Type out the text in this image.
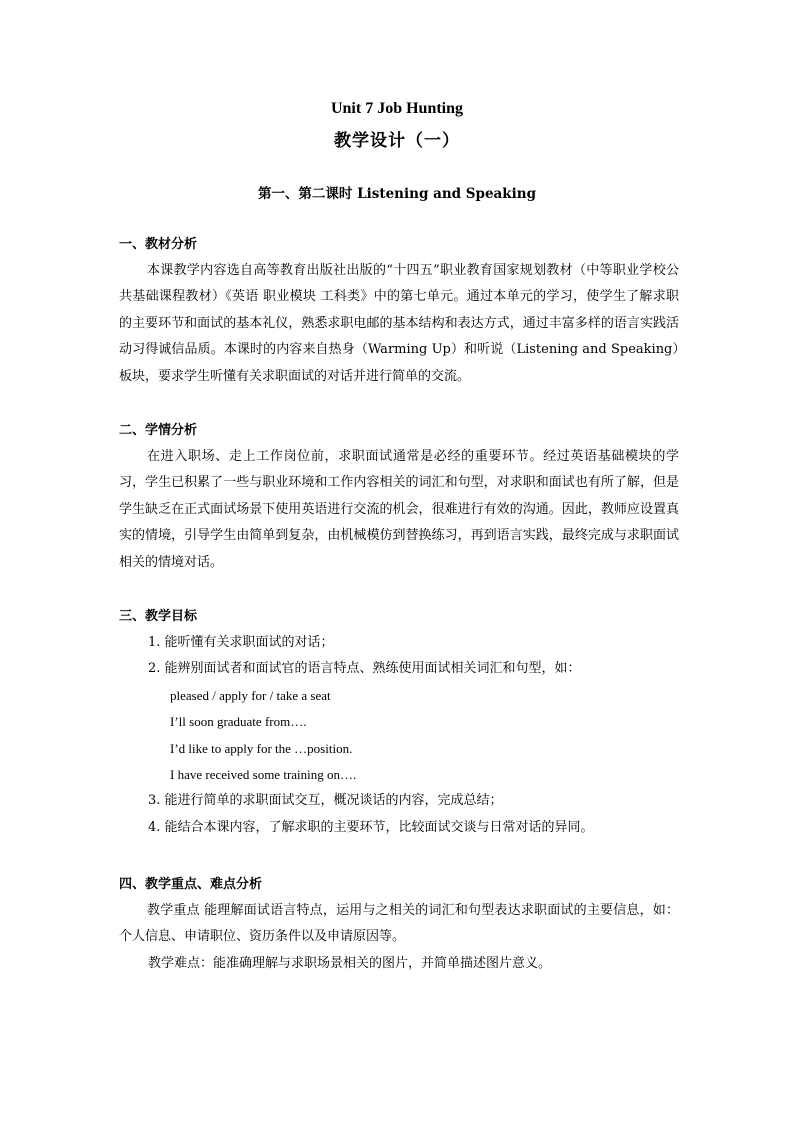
Unit 7 Job Hunting
教学设计（一）
第一、第二课时 Listening and Speaking
一、教材分析

本课教学内容选自高等教育出版社出版的“十四五”职业教育国家规划教材（中等职业学校公共基础课程教材）《英语 职业模块 工科类》中的第七单元。通过本单元的学习，使学生了解求职的主要环节和面试的基本礼仪，熟悉求职电邮的基本结构和表达方式，通过丰富多样的语言实践活动习得诚信品质。本课时的内容来自热身（Warming Up）和听说（Listening and Speaking）板块，要求学生听懂有关求职面试的对话并进行简单的交流。

二、学情分析

在进入职场、走上工作岗位前，求职面试通常是必经的重要环节。经过英语基础模块的学习，学生已积累了一些与职业环境和工作内容相关的词汇和句型，对求职和面试也有所了解，但是学生缺乏在正式面试场景下使用英语进行交流的机会，很难进行有效的沟通。因此，教师应设置真实的情境，引导学生由简单到复杂，由机械模仿到替换练习，再到语言实践，最终完成与求职面试相关的情境对话。

三、教学目标
1. 能听懂有关求职面试的对话；
2. 能辨别面试者和面试官的语言特点、熟练使用面试相关词汇和句型，如：
pleased / apply for / take a seat
I’ll soon graduate from….
I’d like to apply for the …position.
I have received some training on….
3. 能进行简单的求职面试交互，概况谈话的内容，完成总结；
4. 能结合本课内容，了解求职的主要环节，比较面试交谈与日常对话的异同。
四、教学重点、难点分析

教学重点 能理解面试语言特点，运用与之相关的词汇和句型表达求职面试的主要信息，如：个人信息、申请职位、资历条件以及申请原因等。

教学难点：能准确理解与求职场景相关的图片，并简单描述图片意义。
